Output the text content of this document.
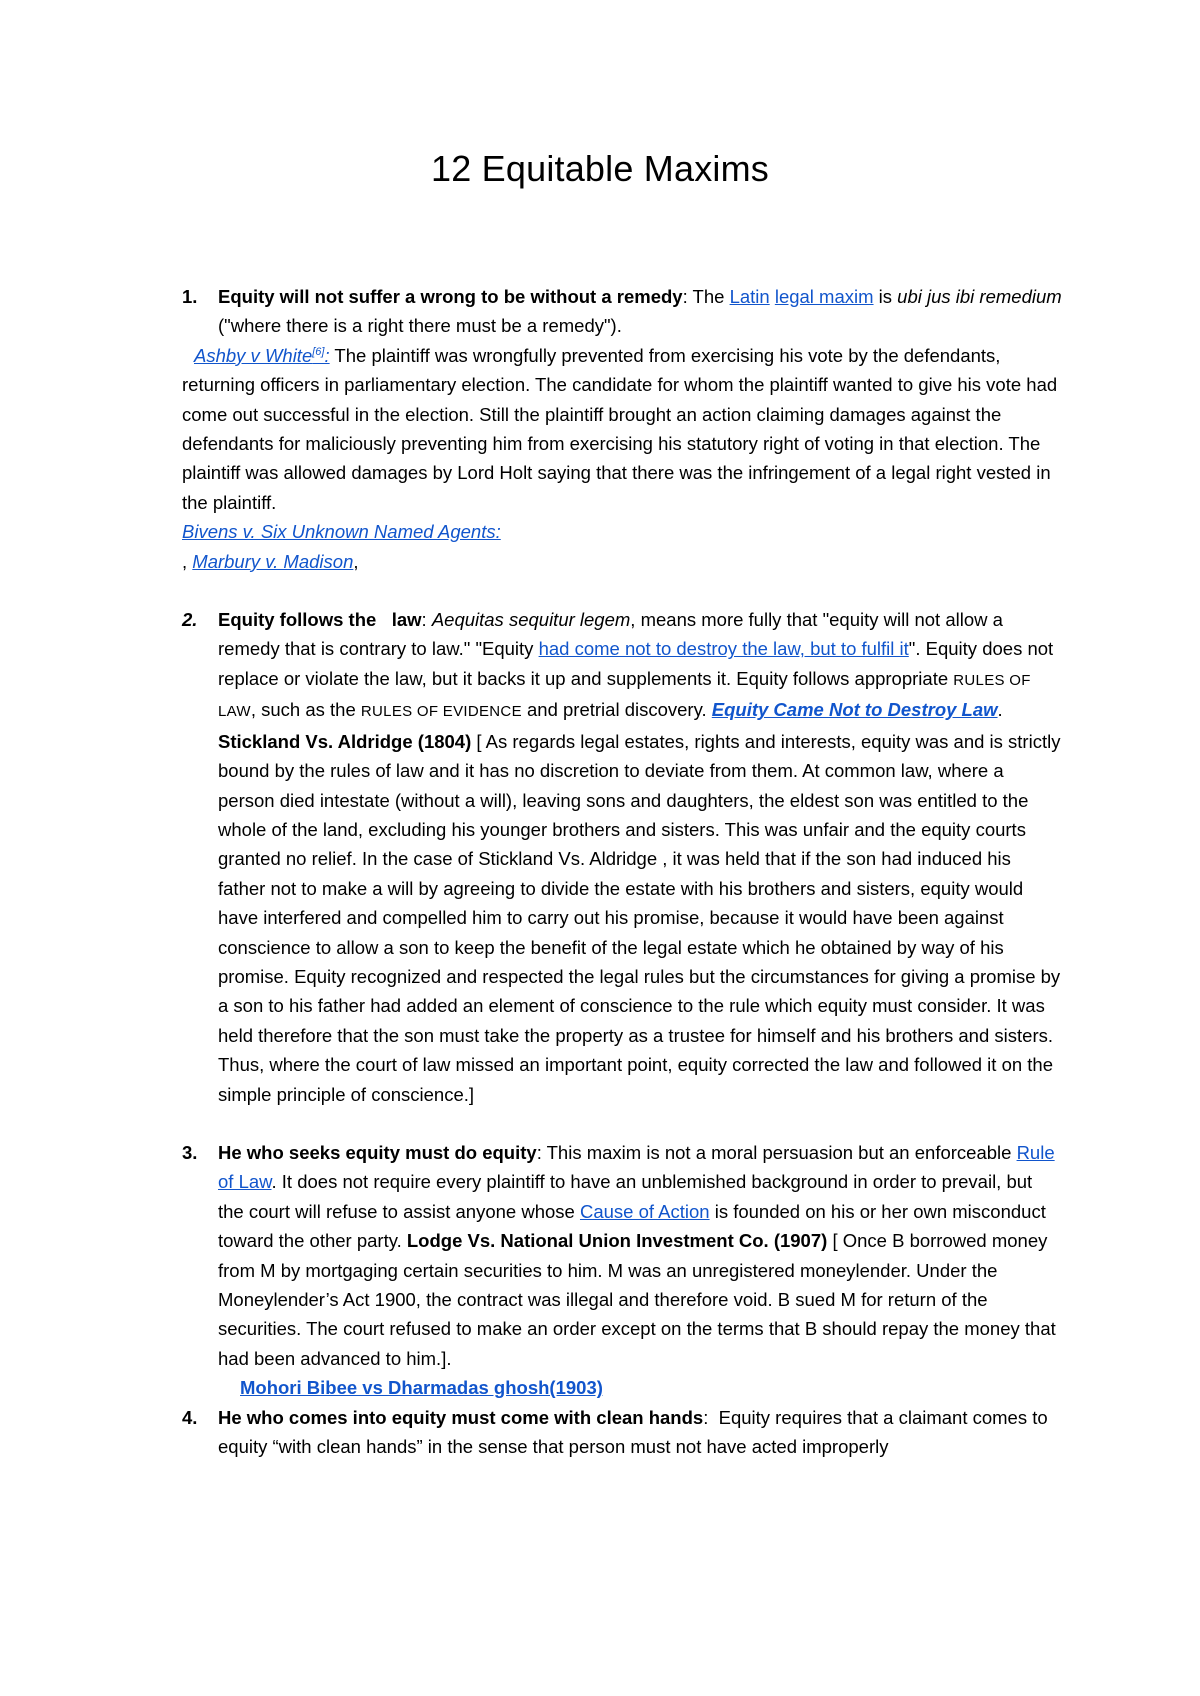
12 Equitable Maxims
1. Equity will not suffer a wrong to be without a remedy: The Latin legal maxim is ubi jus ibi remedium ("where there is a right there must be a remedy").
Ashby v White[6]: The plaintiff was wrongfully prevented from exercising his vote by the defendants, returning officers in parliamentary election. The candidate for whom the plaintiff wanted to give his vote had come out successful in the election. Still the plaintiff brought an action claiming damages against the defendants for maliciously preventing him from exercising his statutory right of voting in that election. The plaintiff was allowed damages by Lord Holt saying that there was the infringement of a legal right vested in the plaintiff.
Bivens v. Six Unknown Named Agents:
, Marbury v. Madison,
2. Equity follows the   law: Aequitas sequitur legem, means more fully that "equity will not allow a remedy that is contrary to law." "Equity had come not to destroy the law, but to fulfil it". Equity does not replace or violate the law, but it backs it up and supplements it. Equity follows appropriate RULES OF LAW, such as the RULES OF EVIDENCE and pretrial discovery. Equity Came Not to Destroy Law. Stickland Vs. Aldridge (1804) [ As regards legal estates, rights and interests, equity was and is strictly bound by the rules of law and it has no discretion to deviate from them. At common law, where a person died intestate (without a will), leaving sons and daughters, the eldest son was entitled to the whole of the land, excluding his younger brothers and sisters. This was unfair and the equity courts granted no relief. In the case of Stickland Vs. Aldridge , it was held that if the son had induced his father not to make a will by agreeing to divide the estate with his brothers and sisters, equity would have interfered and compelled him to carry out his promise, because it would have been against conscience to allow a son to keep the benefit of the legal estate which he obtained by way of his promise. Equity recognized and respected the legal rules but the circumstances for giving a promise by a son to his father had added an element of conscience to the rule which equity must consider. It was held therefore that the son must take the property as a trustee for himself and his brothers and sisters. Thus, where the court of law missed an important point, equity corrected the law and followed it on the simple principle of conscience.]
3. He who seeks equity must do equity: This maxim is not a moral persuasion but an enforceable Rule of Law. It does not require every plaintiff to have an unblemished background in order to prevail, but the court will refuse to assist anyone whose Cause of Action is founded on his or her own misconduct toward the other party. Lodge Vs. National Union Investment Co. (1907) [ Once B borrowed money from M by mortgaging certain securities to him. M was an unregistered moneylender. Under the Moneylender’s Act 1900, the contract was illegal and therefore void. B sued M for return of the securities. The court refused to make an order except on the terms that B should repay the money that had been advanced to him.].
Mohori Bibee vs Dharmadas ghosh(1903)
4. He who comes into equity must come with clean hands:  Equity requires that a claimant comes to equity “with clean hands” in the sense that person must not have acted improperly
